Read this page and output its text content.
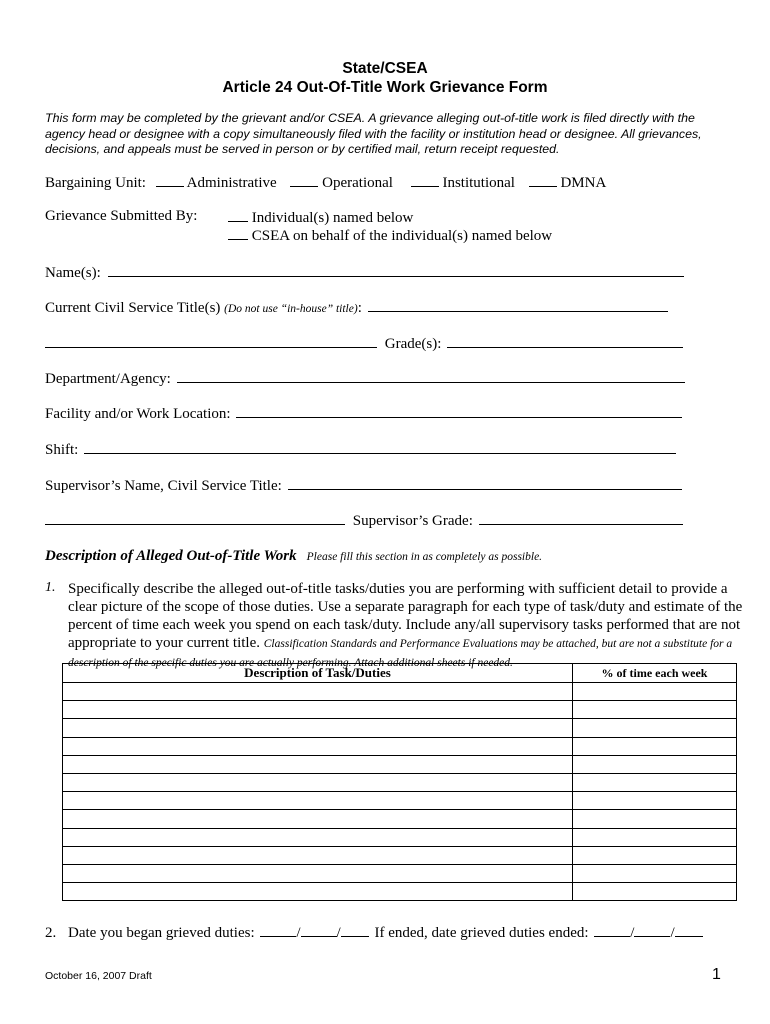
State/CSEA
Article 24 Out-Of-Title Work Grievance Form
This form may be completed by the grievant and/or CSEA. A grievance alleging out-of-title work is filed directly with the agency head or designee with a copy simultaneously filed with the facility or institution head or designee. All grievances, decisions, and appeals must be served in person or by certified mail, return receipt requested.
Bargaining Unit:	Administrative	Operational	Institutional	DMNA
Grievance Submitted By:	Individual(s) named below
CSEA on behalf of the individual(s) named below
Name(s):
Current Civil Service Title(s) (Do not use “in-house” title):
Grade(s):
Department/Agency:
Facility and/or Work Location:
Shift:
Supervisor’s Name, Civil Service Title:
Supervisor’s Grade:
Description of Alleged Out-of-Title Work Please fill this section in as completely as possible.
1. Specifically describe the alleged out-of-title tasks/duties you are performing with sufficient detail to provide a clear picture of the scope of those duties. Use a separate paragraph for each type of task/duty and estimate of the percent of time each week you spend on each task/duty. Include any/all supervisory tasks performed that are not appropriate to your current title. Classification Standards and Performance Evaluations may be attached, but are not a substitute for a description of the specific duties you are actually performing. Attach additional sheets if needed.
Description of Task/Duties	% of time each week

2. Date you began grieved duties:	/ / If ended, date grieved duties ended:	/ /
October 16, 2007 Draft	1
